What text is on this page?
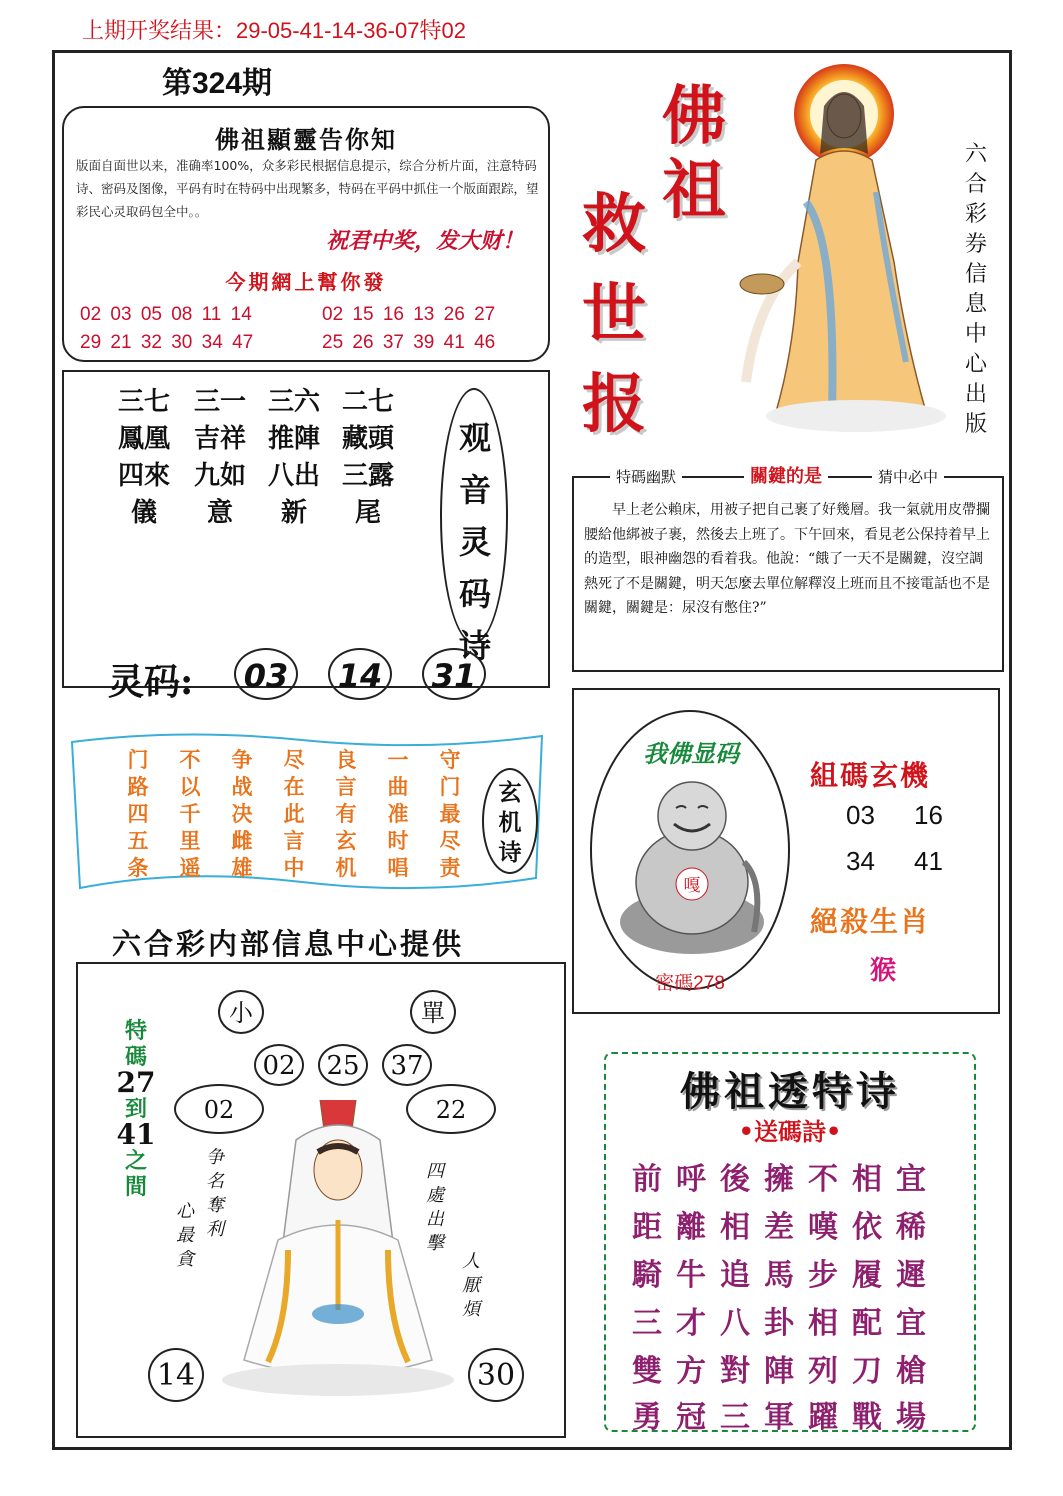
上期开奖结果：29-05-41-14-36-07特02
第324期
佛祖顯靈告你知
版面自面世以来，准确率100%，众多彩民根据信息提示，综合分析片面，注意特码诗、密码及图像，平码有时在特码中出现繁多，特码在平码中抓住一个版面跟踪，望彩民心灵取码包全中。。
祝君中奖，发大财！
今期網上幫你發
02 03 05 08 11 14
29 21 32 30 34 47
02 15 16 13 26 27
25 26 37 39 41 46
佛祖
救世报
六合彩券信息中心出版
三七鳳凰四來儀
三一吉祥九如意
三六推陣八出新
二七藏頭三露尾
观音灵码诗
灵码:	03	14	31
特碼幽默	關鍵的是	猜中必中
早上老公賴床，用被子把自己裹了好幾層。我一氣就用皮帶攔腰給他綁被子裹，然後去上班了。下午回來，看見老公保持着早上的造型，眼神幽怨的看着我。他說：“餓了一天不是關鍵，沒空調熱死了不是關鍵，明天怎麼去單位解釋沒上班而且不接電話也不是關鍵，關鍵是：尿沒有憋住?”
我佛显码
嘎
密碼278
組碼玄機
03 16
34 41
絕殺生肖
猴
门路四五条
不以千里遥
争战决雌雄
尽在此言中
良言有玄机
一曲准时唱
守门最尽责
玄机诗
六合彩内部信息中心提供
小	單
02	25	37
02	22
特碼
27
到
41
之間
争名奪利
心最貪
四處出擊
人厭煩
14	30
佛祖透特诗
•送碼詩•
前呼後擁不相宜
距離相差嘆依稀
騎牛追馬步履遲
三才八卦相配宜
雙方對陣列刀槍
勇冠三軍躍戰場
